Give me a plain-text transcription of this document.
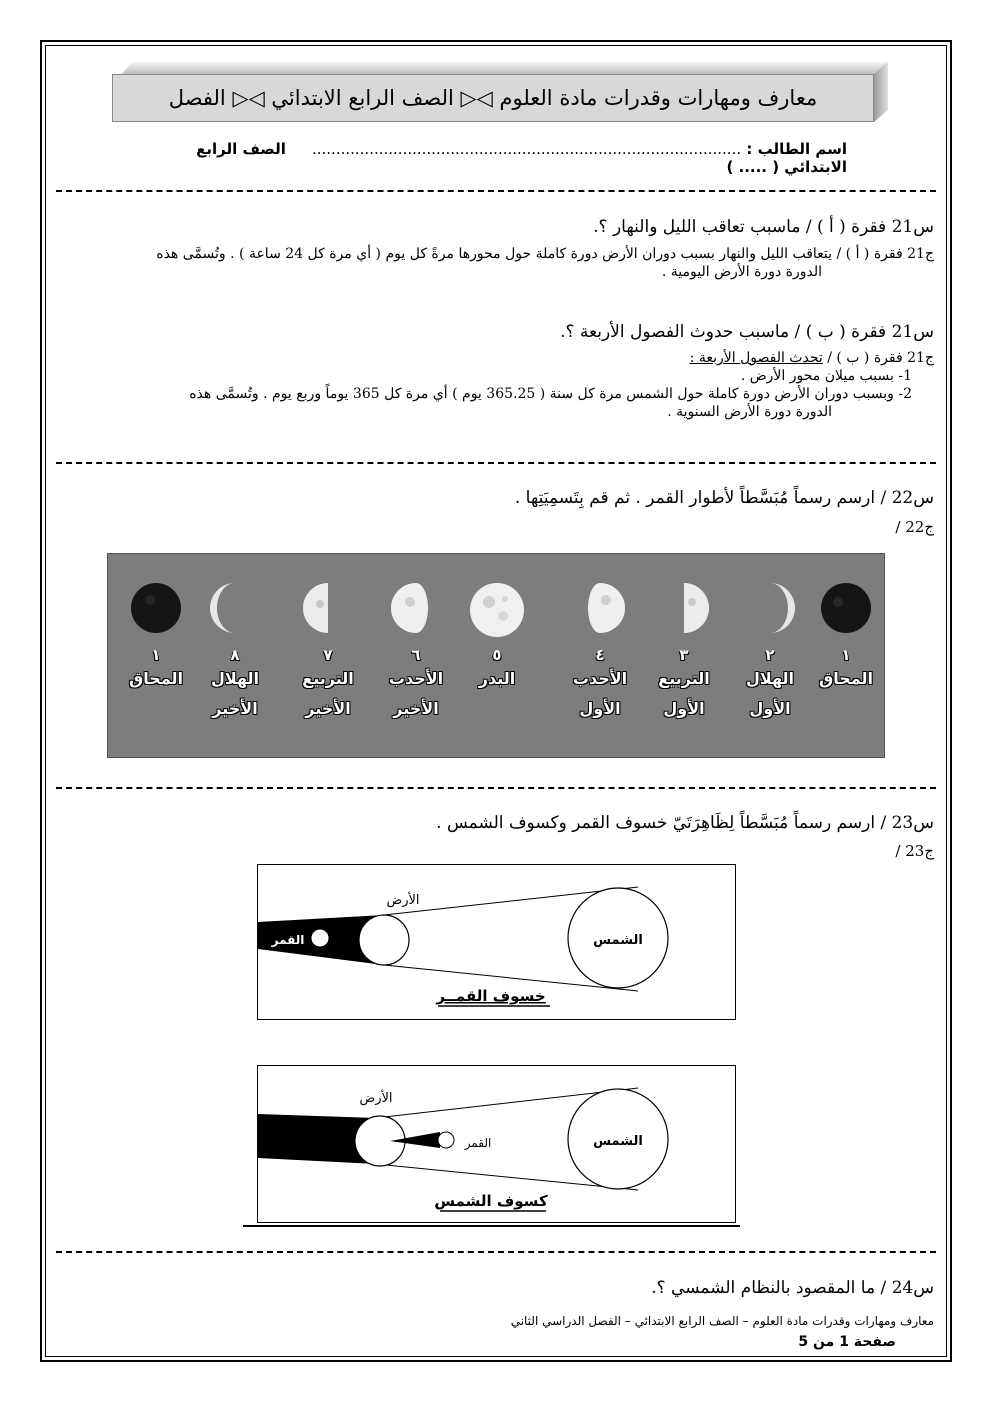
معارف ومهارات وقدرات مادة العلوم ◁▷ الصف الرابع الابتدائي ◁▷ الفصل
اسم الطالب : ..........................................................................................     الصف الرابع الابتدائي ( ..... )
س21 فقرة ( أ ) / ماسبب تعاقب الليل والنهار ؟.

ج21 فقرة ( أ ) / يتعاقب الليل والنهار بسبب دوران الأرض دورة كاملة حول محورها مرةً كل يوم ( أي مرة كل 24 ساعة ) . وتُسمَّى هذه

الدورة دورة الأرض اليومية .

س21 فقرة ( ب ) / ماسبب حدوث الفصول الأربعة ؟.

ج21 فقرة ( ب ) / تحدث الفصول الأربعة :

1- بسبب ميلان محور الأرض .

2- وبسبب دوران الأرض دورة كاملة حول الشمس مرة كل سنة ( 365.25 يوم ) أي مرة كل 365 يوماً وربع يوم . وتُسمَّى هذه

الدورة دورة الأرض السنوية .

س22 / ارسم رسماً مُبَسَّطاً لأطوار القمر . ثم قم بِتَسمِيَتِها .
ج22 /
١
المحاق
٢
الهلال
الأول
٣
التربيع
الأول
٤
الأحدب
الأول
٥
البدر
٦
الأحدب
الأخير
٧
التربيع
الأخير
٨
الهلال
الأخير
١
المحاق
س23 / ارسم رسماً مُبَسَّطاً لِظَاهِرَتَيّ خسوف القمر وكسوف الشمس .
ج23 /
الأرض
القمر	الشمس
خسوف القمــر
الأرض
القمر	الشمس
كسوف الشمس
س24 / ما المقصود بالنظام الشمسي ؟.
معارف ومهارات وقدرات مادة العلوم – الصف الرابع الابتدائي – الفصل الدراسي الثاني
صفحة 1 من 5
